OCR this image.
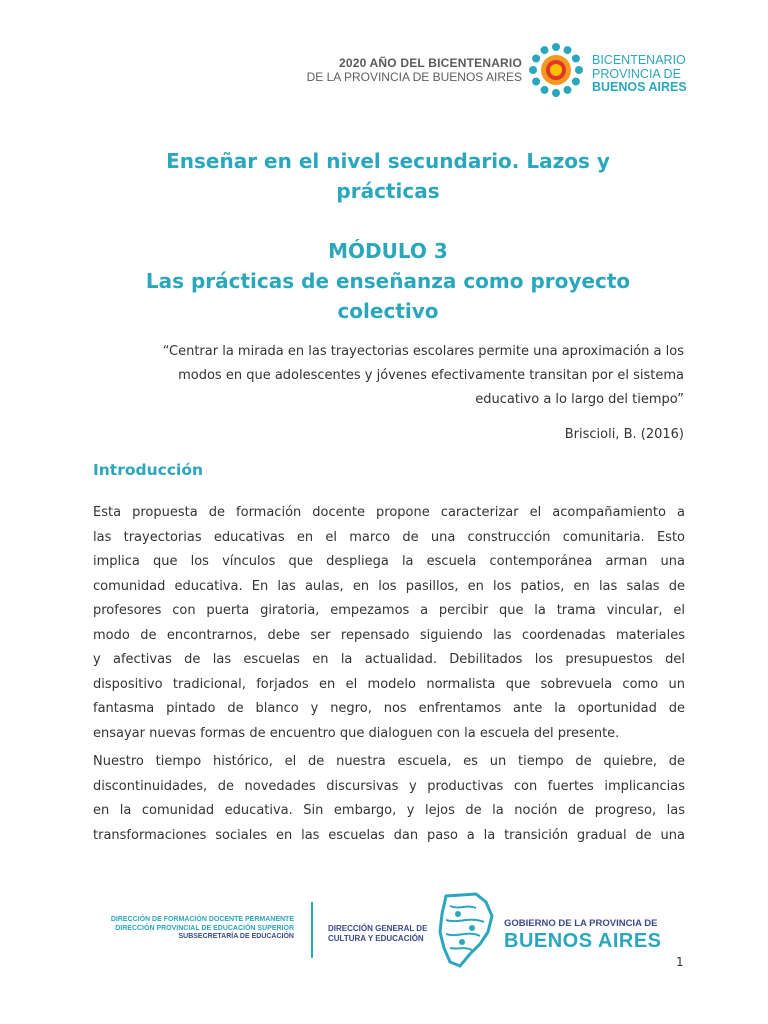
2020 AÑO DEL BICENTENARIO
DE LA PROVINCIA DE BUENOS AIRES
BICENTENARIO
PROVINCIA DE
BUENOS AIRES
Enseñar en el nivel secundario. Lazos y
prácticas
MÓDULO 3
Las prácticas de enseñanza como proyecto
colectivo
“Centrar la mirada en las trayectorias escolares permite una aproximación a los
modos en que adolescentes y jóvenes efectivamente transitan por el sistema
educativo a lo largo del tiempo”
Briscioli, B. (2016)
Introducción
Esta propuesta de formación docente propone caracterizar el acompañamiento a
las trayectorias educativas en el marco de una construcción comunitaria. Esto
implica que los vínculos que despliega la escuela contemporánea arman una
comunidad educativa. En las aulas, en los pasillos, en los patios, en las salas de
profesores con puerta giratoria, empezamos a percibir que la trama vincular, el
modo de encontrarnos, debe ser repensado siguiendo las coordenadas materiales
y afectivas de las escuelas en la actualidad. Debilitados los presupuestos del
dispositivo tradicional, forjados en el modelo normalista que sobrevuela como un
fantasma pintado de blanco y negro, nos enfrentamos ante la oportunidad de
ensayar nuevas formas de encuentro que dialoguen con la escuela del presente.
Nuestro tiempo histórico, el de nuestra escuela, es un tiempo de quiebre, de
discontinuidades, de novedades discursivas y productivas con fuertes implicancias
en la comunidad educativa. Sin embargo, y lejos de la noción de progreso, las
transformaciones sociales en las escuelas dan paso a la transición gradual de una
DIRECCIÓN DE FORMACIÓN DOCENTE PERMANENTE
DIRECCIÓN PROVINCIAL DE EDUCACIÓN SUPERIOR
SUBSECRETARÍA DE EDUCACIÓN
DIRECCIÓN GENERAL DE
CULTURA Y EDUCACIÓN
GOBIERNO DE LA PROVINCIA DE
BUENOS AIRES
1
